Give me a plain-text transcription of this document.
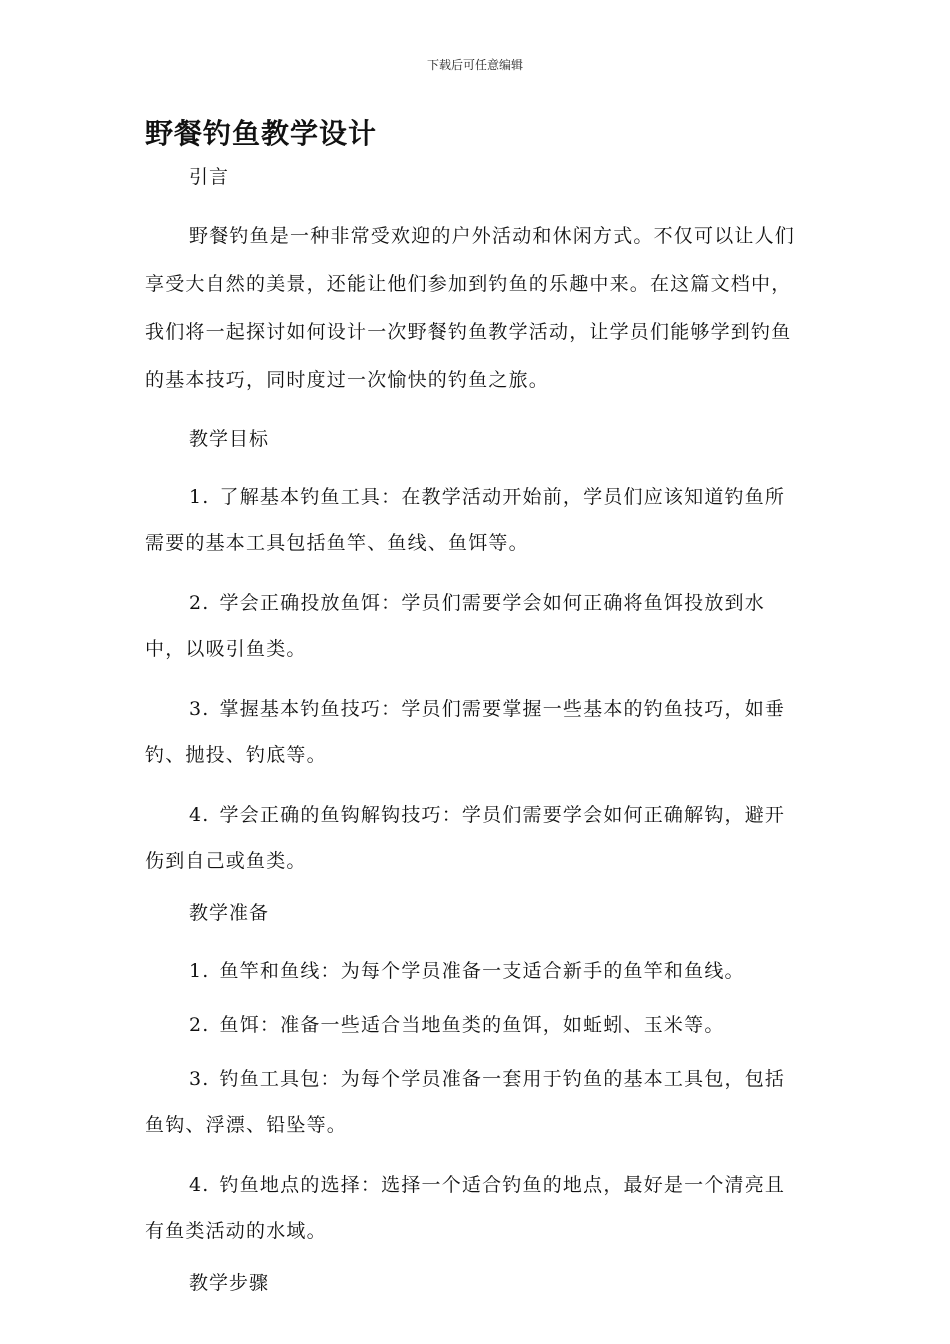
下载后可任意编辑
野餐钓鱼教学设计
引言

野餐钓鱼是一种非常受欢迎的户外活动和休闲方式。不仅可以让人们享受大自然的美景，还能让他们参加到钓鱼的乐趣中来。在这篇文档中，我们将一起探讨如何设计一次野餐钓鱼教学活动，让学员们能够学到钓鱼的基本技巧，同时度过一次愉快的钓鱼之旅。

教学目标

1. 了解基本钓鱼工具：在教学活动开始前，学员们应该知道钓鱼所需要的基本工具包括鱼竿、鱼线、鱼饵等。

2. 学会正确投放鱼饵：学员们需要学会如何正确将鱼饵投放到水中，以吸引鱼类。

3. 掌握基本钓鱼技巧：学员们需要掌握一些基本的钓鱼技巧，如垂钓、抛投、钓底等。

4. 学会正确的鱼钩解钩技巧：学员们需要学会如何正确解钩，避开伤到自己或鱼类。

教学准备

1. 鱼竿和鱼线：为每个学员准备一支适合新手的鱼竿和鱼线。

2. 鱼饵：准备一些适合当地鱼类的鱼饵，如蚯蚓、玉米等。

3. 钓鱼工具包：为每个学员准备一套用于钓鱼的基本工具包，包括鱼钩、浮漂、铅坠等。

4. 钓鱼地点的选择：选择一个适合钓鱼的地点，最好是一个清亮且有鱼类活动的水域。

教学步骤
